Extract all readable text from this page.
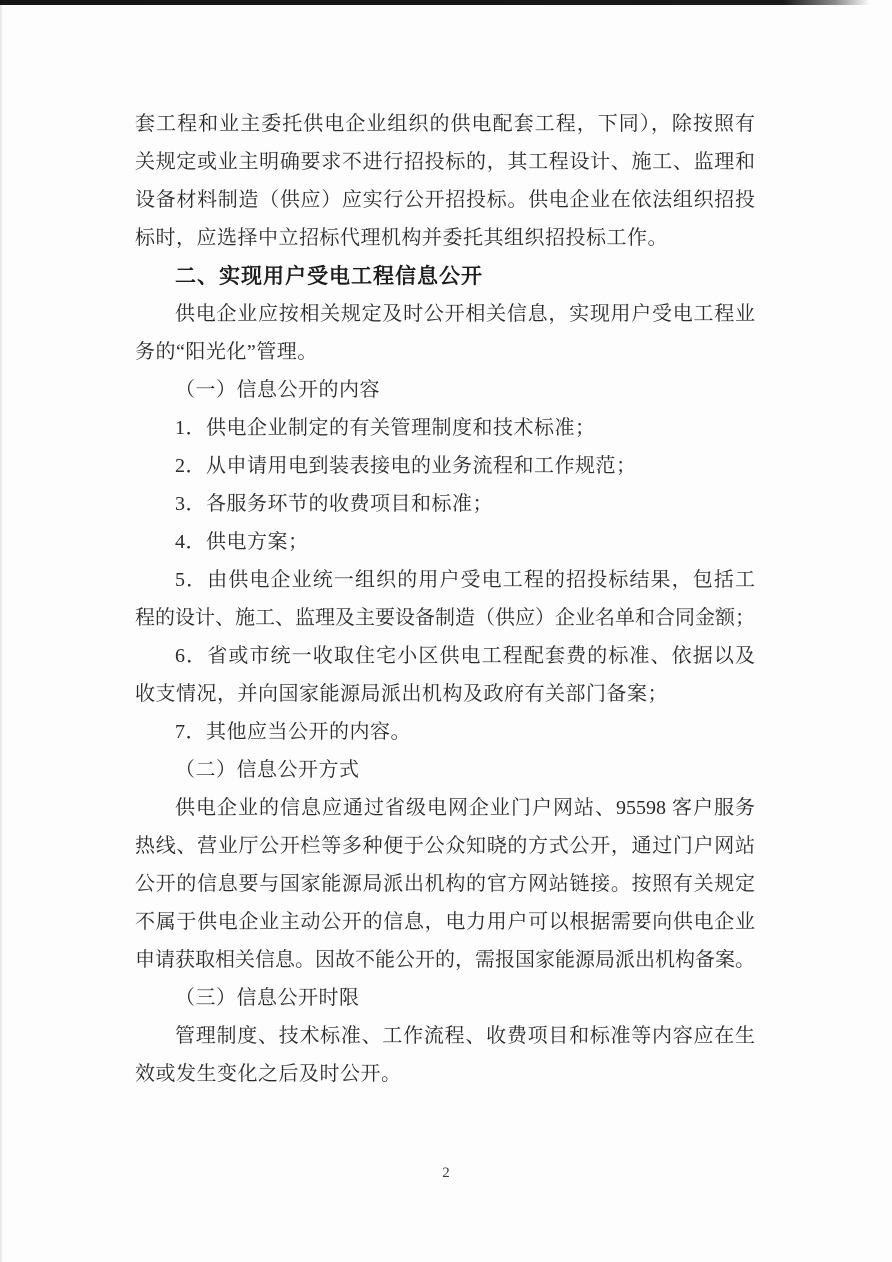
套工程和业主委托供电企业组织的供电配套工程，下同），除按照有
关规定或业主明确要求不进行招投标的，其工程设计、施工、监理和
设备材料制造（供应）应实行公开招投标。供电企业在依法组织招投
标时，应选择中立招标代理机构并委托其组织招投标工作。
二、实现用户受电工程信息公开
供电企业应按相关规定及时公开相关信息，实现用户受电工程业
务的“阳光化”管理。
（一）信息公开的内容
1．供电企业制定的有关管理制度和技术标准；
2．从申请用电到装表接电的业务流程和工作规范；
3．各服务环节的收费项目和标准；
4．供电方案；
5．由供电企业统一组织的用户受电工程的招投标结果，包括工
程的设计、施工、监理及主要设备制造（供应）企业名单和合同金额；
6．省或市统一收取住宅小区供电工程配套费的标准、依据以及
收支情况，并向国家能源局派出机构及政府有关部门备案；
7．其他应当公开的内容。
（二）信息公开方式
供电企业的信息应通过省级电网企业门户网站、95598 客户服务
热线、营业厅公开栏等多种便于公众知晓的方式公开，通过门户网站
公开的信息要与国家能源局派出机构的官方网站链接。按照有关规定
不属于供电企业主动公开的信息，电力用户可以根据需要向供电企业
申请获取相关信息。因故不能公开的，需报国家能源局派出机构备案。
（三）信息公开时限
管理制度、技术标准、工作流程、收费项目和标准等内容应在生
效或发生变化之后及时公开。
2
